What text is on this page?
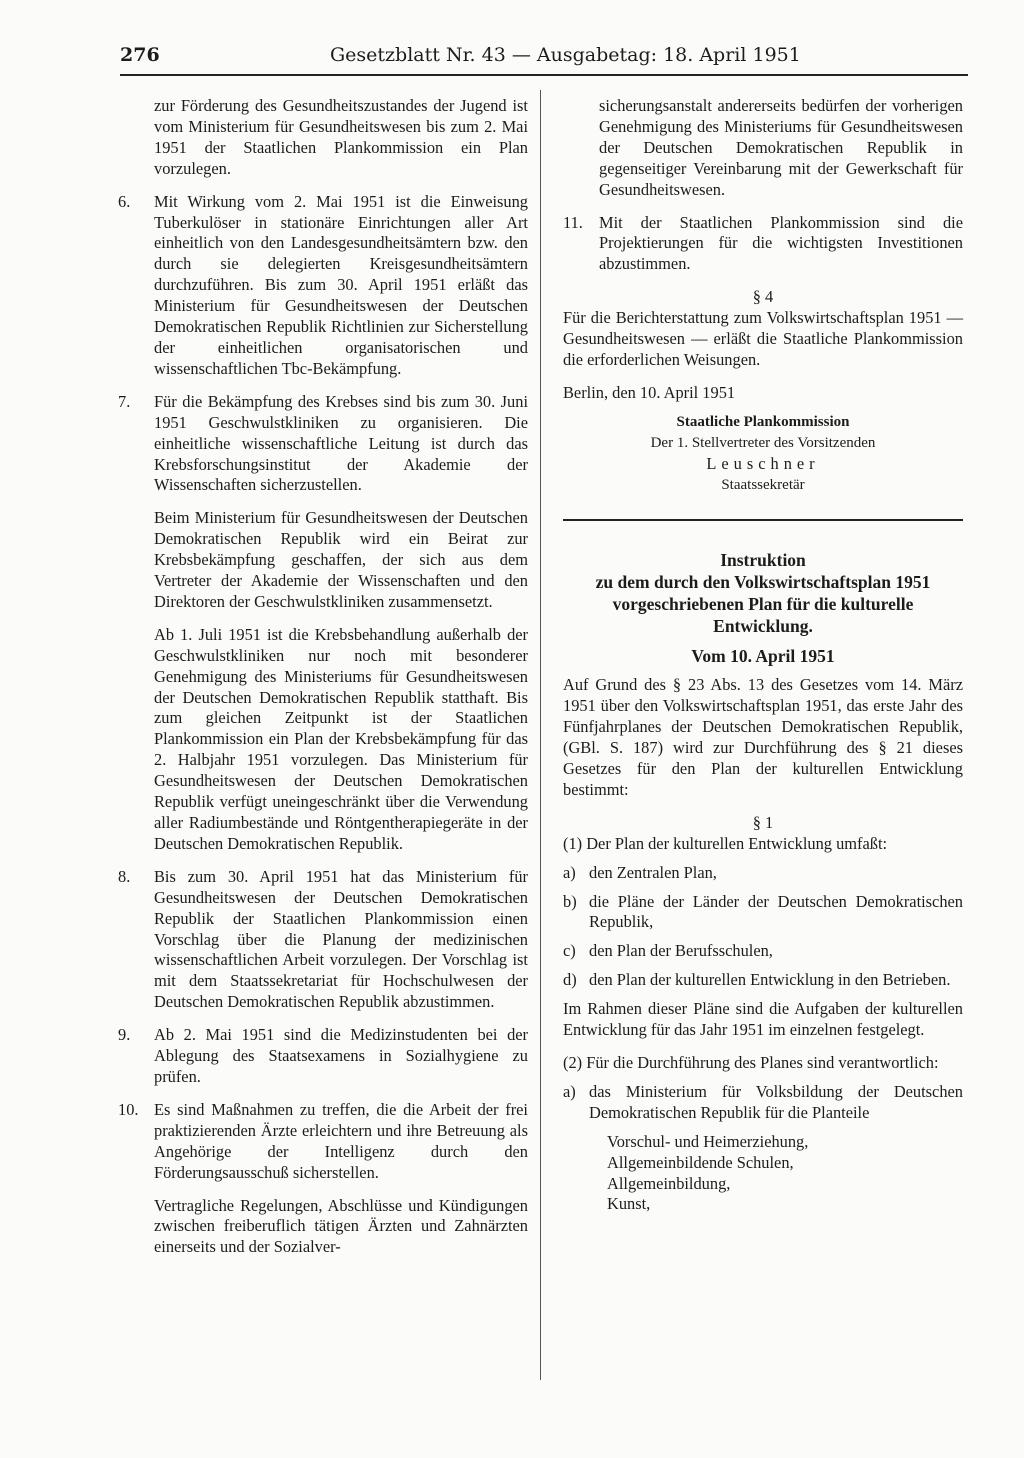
276	Gesetzblatt Nr. 43 — Ausgabetag: 18. April 1951

zur Förderung des Gesundheitszustandes der Jugend ist vom Ministerium für Gesundheitswesen bis zum 2. Mai 1951 der Staatlichen Plankommission ein Plan vorzulegen.

6.	Mit Wirkung vom 2. Mai 1951 ist die Einweisung Tuberkulöser in stationäre Einrichtungen aller Art einheitlich von den Landesgesundheitsämtern bzw. den durch sie delegierten Kreisgesundheitsämtern durchzuführen. Bis zum 30. April 1951 erläßt das Ministerium für Gesundheitswesen der Deutschen Demokratischen Republik Richtlinien zur Sicherstellung der einheitlichen organisatorischen und wissenschaftlichen Tbc-Bekämpfung.
7.	Für die Bekämpfung des Krebses sind bis zum 30. Juni 1951 Geschwulstkliniken zu organisieren. Die einheitliche wissenschaftliche Leitung ist durch das Krebsforschungsinstitut der Akademie der Wissenschaften sicherzustellen.

Beim Ministerium für Gesundheitswesen der Deutschen Demokratischen Republik wird ein Beirat zur Krebsbekämpfung geschaffen, der sich aus dem Vertreter der Akademie der Wissenschaften und den Direktoren der Geschwulstkliniken zusammensetzt.

Ab 1. Juli 1951 ist die Krebsbehandlung außerhalb der Geschwulstkliniken nur noch mit besonderer Genehmigung des Ministeriums für Gesundheitswesen der Deutschen Demokratischen Republik statthaft. Bis zum gleichen Zeitpunkt ist der Staatlichen Plankommission ein Plan der Krebsbekämpfung für das 2. Halbjahr 1951 vorzulegen. Das Ministerium für Gesundheitswesen der Deutschen Demokratischen Republik verfügt uneingeschränkt über die Verwendung aller Radiumbestände und Röntgentherapiegeräte in der Deutschen Demokratischen Republik.

8.	Bis zum 30. April 1951 hat das Ministerium für Gesundheitswesen der Deutschen Demokratischen Republik der Staatlichen Plankommission einen Vorschlag über die Planung der medizinischen wissenschaftlichen Arbeit vorzulegen. Der Vorschlag ist mit dem Staatssekretariat für Hochschulwesen der Deutschen Demokratischen Republik abzustimmen.
9.	Ab 2. Mai 1951 sind die Medizinstudenten bei der Ablegung des Staatsexamens in Sozialhygiene zu prüfen.
10. Es sind Maßnahmen zu treffen, die die Arbeit der frei praktizierenden Ärzte erleichtern und ihre Betreuung als Angehörige der Intelligenz durch den Förderungsausschuß sicherstellen.

Vertragliche Regelungen, Abschlüsse und Kündigungen zwischen freiberuflich tätigen Ärzten und Zahnärzten einerseits und der Sozialver-

sicherungsanstalt andererseits bedürfen der vorherigen Genehmigung des Ministeriums für Gesundheitswesen der Deutschen Demokratischen Republik in gegenseitiger Vereinbarung mit der Gewerkschaft für Gesundheitswesen.

11. Mit der Staatlichen Plankommission sind die Projektierungen für die wichtigsten Investitionen abzustimmen.

§ 4

Für die Berichterstattung zum Volkswirtschaftsplan 1951 — Gesundheitswesen — erläßt die Staatliche Plankommission die erforderlichen Weisungen.

Berlin, den 10. April 1951

Staatliche Plankommission

Der 1. Stellvertreter des Vorsitzenden

Leuschner

Staatssekretär

Instruktion
zu dem durch den Volkswirtschaftsplan 1951
vorgeschriebenen Plan für die kulturelle
Entwicklung.

Vom 10. April 1951

Auf Grund des § 23 Abs. 13 des Gesetzes vom 14. März 1951 über den Volkswirtschaftsplan 1951, das erste Jahr des Fünfjahrplanes der Deutschen Demokratischen Republik, (GBl. S. 187) wird zur Durchführung des § 21 dieses Gesetzes für den Plan der kulturellen Entwicklung bestimmt:

§ 1

(1) Der Plan der kulturellen Entwicklung umfaßt:

a) den Zentralen Plan,
b) die Pläne der Länder der Deutschen Demokratischen Republik,
c) den Plan der Berufsschulen,
d) den Plan der kulturellen Entwicklung in den Betrieben.

Im Rahmen dieser Pläne sind die Aufgaben der kulturellen Entwicklung für das Jahr 1951 im einzelnen festgelegt.

(2) Für die Durchführung des Planes sind verantwortlich:

a) das Ministerium für Volksbildung der Deutschen Demokratischen Republik für die Planteile
Vorschul- und Heimerziehung,
Allgemeinbildende Schulen,
Allgemeinbildung,
Kunst,
